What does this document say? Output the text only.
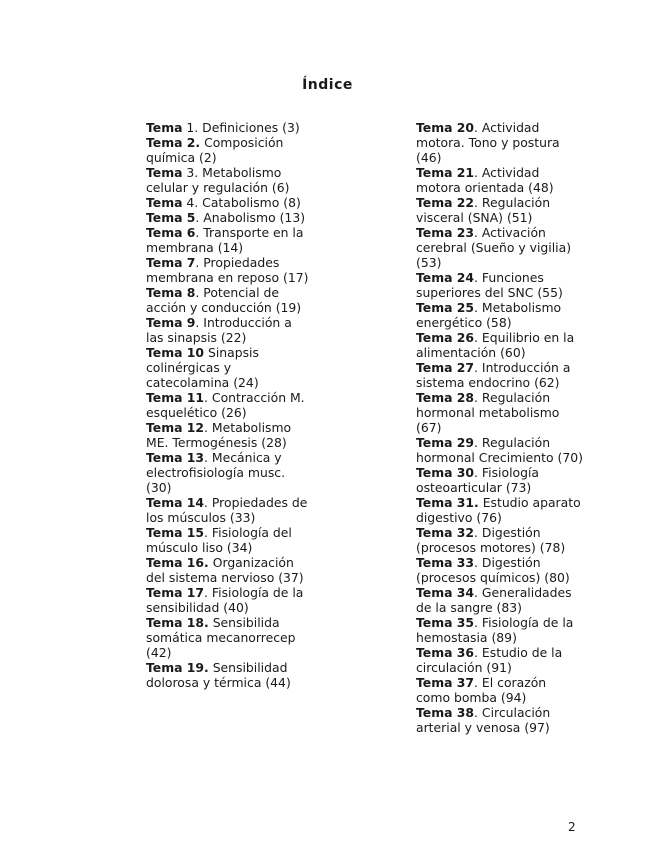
Índice

Tema 1. Definiciones (3)

Tema 2. Composición química (2)

Tema 3. Metabolismo celular y regulación (6)

Tema 4. Catabolismo (8)

Tema 5. Anabolismo (13)

Tema 6. Transporte en la membrana (14)

Tema 7. Propiedades membrana en reposo (17)

Tema 8. Potencial de acción y conducción (19)

Tema 9. Introducción a las sinapsis (22)

Tema 10 Sinapsis colinérgicas y catecolamina (24)

Tema 11. Contracción M. esquelético (26)

Tema 12. Metabolismo ME. Termogénesis (28)

Tema 13. Mecánica y electrofisiología musc. (30)

Tema 14. Propiedades de los músculos (33)

Tema 15. Fisiología del músculo liso (34)

Tema 16. Organización del sistema nervioso (37)

Tema 17. Fisiología de la sensibilidad (40)

Tema 18. Sensibilida somática mecanorrecep (42)

Tema 19. Sensibilidad dolorosa y térmica (44)

Tema 20. Actividad motora. Tono y postura (46)

Tema 21. Actividad motora orientada (48)

Tema 22. Regulación visceral (SNA) (51)

Tema 23. Activación cerebral (Sueño y vigilia) (53)

Tema 24. Funciones superiores del SNC (55)

Tema 25. Metabolismo energético (58)

Tema 26. Equilibrio en la alimentación (60)

Tema 27. Introducción a sistema endocrino (62)

Tema 28. Regulación hormonal metabolismo (67)

Tema 29. Regulación hormonal Crecimiento (70)

Tema 30. Fisiología osteoarticular (73)

Tema 31. Estudio aparato digestivo (76)

Tema 32. Digestión (procesos motores) (78)

Tema 33. Digestión (procesos químicos) (80)

Tema 34. Generalidades de la sangre (83)

Tema 35. Fisiología de la hemostasia (89)

Tema 36. Estudio de la circulación (91)

Tema 37. El corazón como bomba (94)

Tema 38. Circulación arterial y venosa (97)

2
